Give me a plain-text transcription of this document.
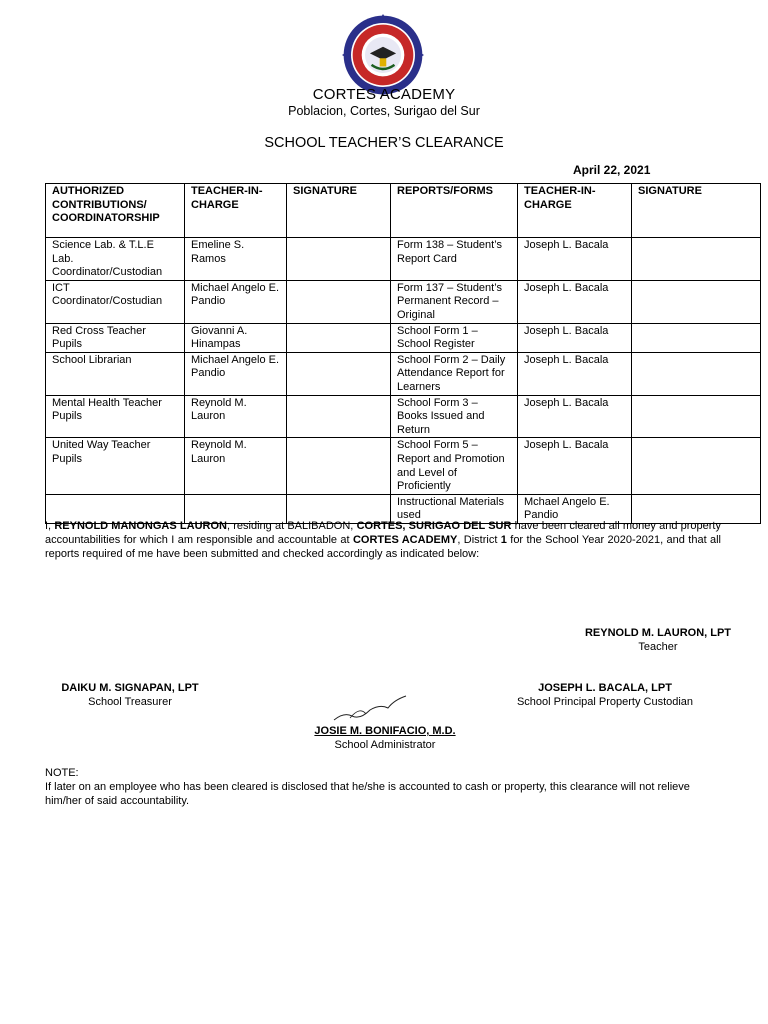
CORTES ACADEMY
Poblacion, Cortes, Surigao del Sur
SCHOOL TEACHER’S CLEARANCE
April 22, 2021
AUTHORIZED CONTRIBUTIONS/ COORDINATORSHIP	TEACHER-IN-CHARGE	SIGNATURE	REPORTS/FORMS	TEACHER-IN-CHARGE	SIGNATURE
Science Lab. & T.L.E Lab. Coordinator/Custodian	Emeline S. Ramos		Form 138 – Student’s Report Card	Joseph L. Bacala	
ICT Coordinator/Costudian	Michael Angelo E. Pandio		Form 137 – Student’s Permanent Record – Original	Joseph L. Bacala	
Red Cross Teacher Pupils	Giovanni A. Hinampas		School Form 1 – School Register	Joseph L. Bacala	
School Librarian	Michael Angelo E. Pandio		School Form 2 – Daily Attendance Report for Learners	Joseph L. Bacala	
Mental Health Teacher Pupils	Reynold M. Lauron		School Form 3 – Books Issued and Return	Joseph L. Bacala	
United Way Teacher Pupils	Reynold M. Lauron		School Form 5 – Report and Promotion and Level of Proficiently	Joseph L. Bacala	
			Instructional Materials used	Mchael Angelo E. Pandio	
I, REYNOLD MANONGAS LAURON, residing at BALIBADON, CORTES, SURIGAO DEL SUR have been cleared all money and property accountabilities for which I am responsible and accountable at CORTES ACADEMY, District 1 for the School Year 2020-2021, and that all reports required of me have been submitted and checked accordingly as indicated below:
REYNOLD M. LAURON, LPT
Teacher
DAIKU M. SIGNAPAN, LPT
School Treasurer
JOSEPH L. BACALA, LPT
School Principal Property Custodian
JOSIE M. BONIFACIO, M.D.
School Administrator
NOTE:
If later on an employee who has been cleared is disclosed that he/she is accounted to cash or property, this clearance will not relieve him/her of said accountability.
